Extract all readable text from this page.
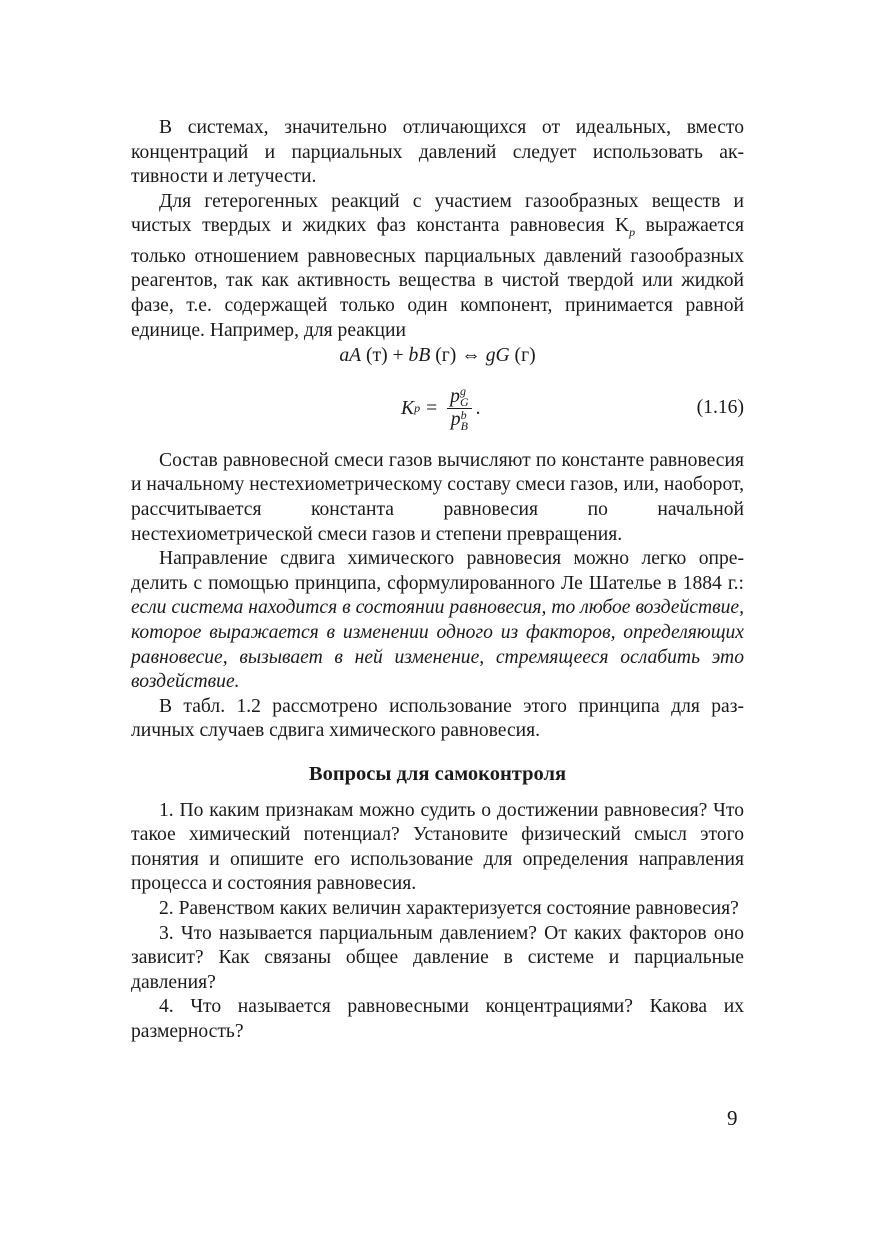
В системах, значительно отличающихся от идеальных, вместо концентраций и парциальных давлений следует использовать активности и летучести.

Для гетерогенных реакций с участием газообразных веществ и чистых твердых и жидких фаз константа равновесия $K_p$ выражается только отношением равновесных парциальных давлений газообразных реагентов, так как активность вещества в чистой твердой или жидкой фазе, т.е. содержащей только один компонент, принимается равной единице. Например, для реакции

aA (т) + bB (г) ⇔ gG (г)
K p = p g
G
p b
B .	(1.16)

Состав равновесной смеси газов вычисляют по константе равновесия и начальному нестехиометрическому составу смеси газов, или, наоборот, рассчитывается константа равновесия по начальной нестехиометрической смеси газов и степени превращения.

Направление сдвига химического равновесия можно легко определить с помощью принципа, сформулированного Ле Шателье в 1884 г.: если система находится в состоянии равновесия, то любое воздействие, которое выражается в изменении одного из факторов, определяющих равновесие, вызывает в ней изменение, стремящееся ослабить это воздействие.

В табл. 1.2 рассмотрено использование этого принципа для различных случаев сдвига химического равновесия.

Вопросы для самоконтроля

1. По каким признакам можно судить о достижении равновесия? Что такое химический потенциал? Установите физический смысл этого понятия и опишите его использование для определения направления процесса и состояния равновесия.

2. Равенством каких величин характеризуется состояние равновесия?

3. Что называется парциальным давлением? От каких факторов оно зависит? Как связаны общее давление в системе и парциальные давления?

4. Что называется равновесными концентрациями? Какова их размерность?

9
